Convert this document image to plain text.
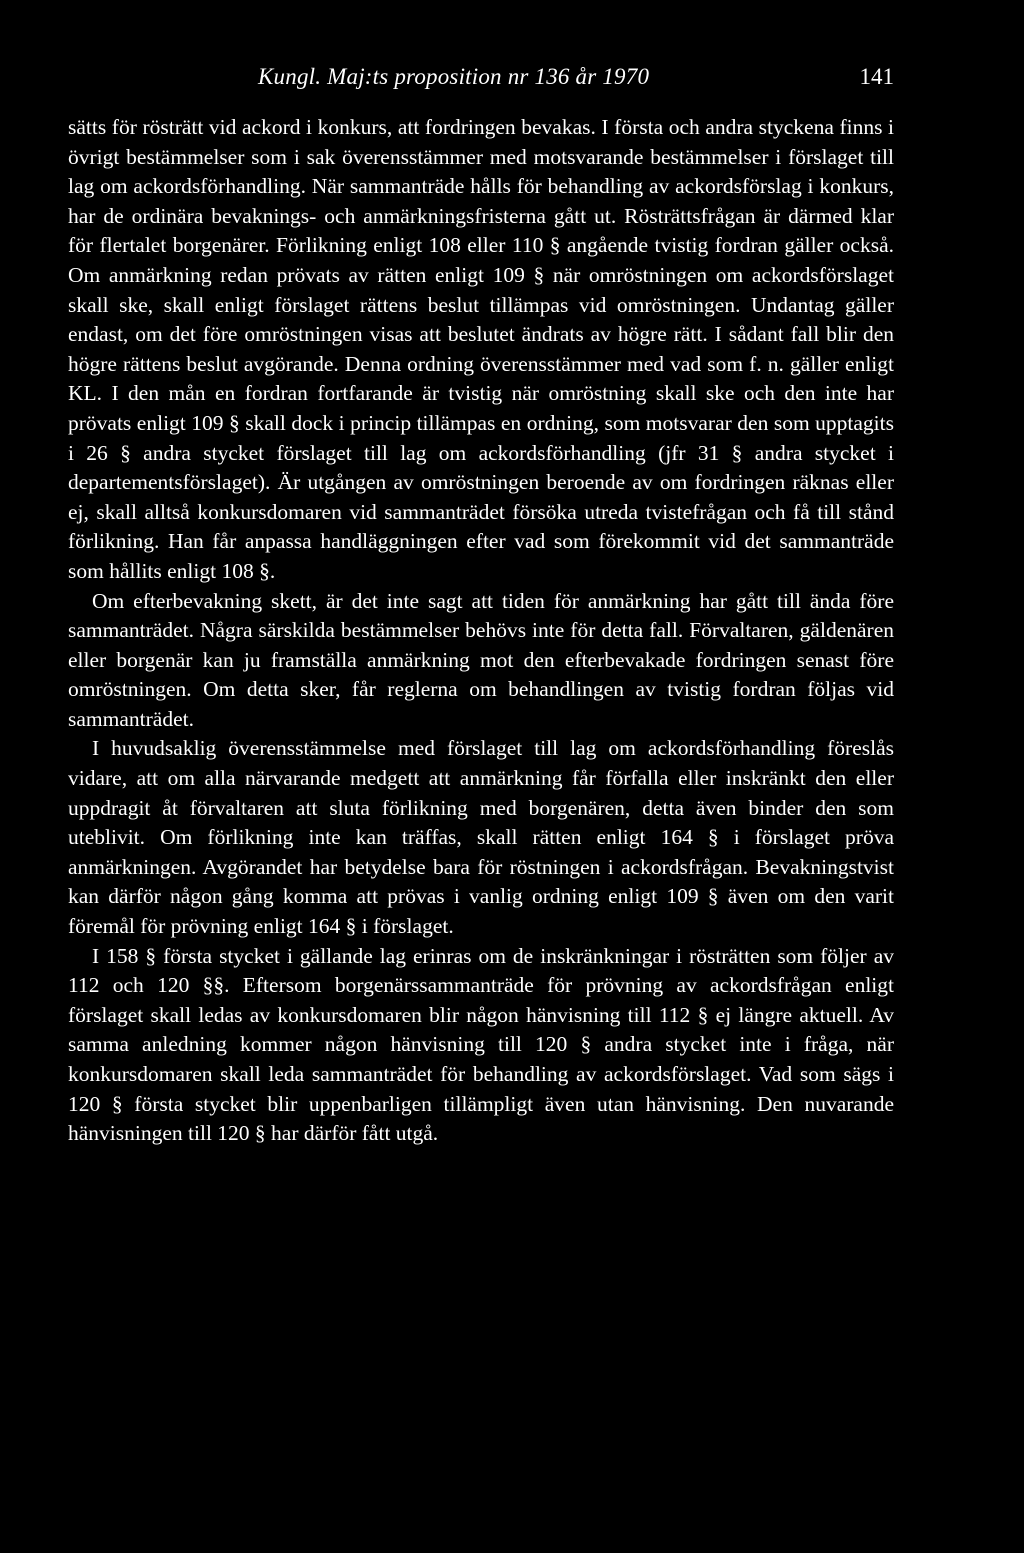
Kungl. Maj:ts proposition nr 136 år 1970	141

sätts för rösträtt vid ackord i konkurs, att fordringen bevakas. I första och andra styckena finns i övrigt bestämmelser som i sak överensstämmer med motsvarande bestämmelser i förslaget till lag om ackordsförhandling. När sammanträde hålls för behandling av ackordsförslag i konkurs, har de ordinära bevaknings- och anmärkningsfristerna gått ut. Rösträttsfrågan är därmed klar för flertalet borgenärer. Förlikning enligt 108 eller 110 § angående tvistig fordran gäller också. Om anmärkning redan prövats av rätten enligt 109 § när omröstningen om ackordsförslaget skall ske, skall enligt förslaget rättens beslut tillämpas vid omröstningen. Undantag gäller endast, om det före omröstningen visas att beslutet ändrats av högre rätt. I sådant fall blir den högre rättens beslut avgörande. Denna ordning överensstämmer med vad som f. n. gäller enligt KL. I den mån en fordran fortfarande är tvistig när omröstning skall ske och den inte har prövats enligt 109 § skall dock i princip tillämpas en ordning, som motsvarar den som upptagits i 26 § andra stycket förslaget till lag om ackordsförhandling (jfr 31 § andra stycket i departementsförslaget). Är utgången av omröstningen beroende av om fordringen räknas eller ej, skall alltså konkursdomaren vid sammanträdet försöka utreda tvistefrågan och få till stånd förlikning. Han får anpassa handläggningen efter vad som förekommit vid det sammanträde som hållits enligt 108 §.

Om efterbevakning skett, är det inte sagt att tiden för anmärkning har gått till ända före sammanträdet. Några särskilda bestämmelser behövs inte för detta fall. Förvaltaren, gäldenären eller borgenär kan ju framställa anmärkning mot den efterbevakade fordringen senast före omröstningen. Om detta sker, får reglerna om behandlingen av tvistig fordran följas vid sammanträdet.

I huvudsaklig överensstämmelse med förslaget till lag om ackordsförhandling föreslås vidare, att om alla närvarande medgett att anmärkning får förfalla eller inskränkt den eller uppdragit åt förvaltaren att sluta förlikning med borgenären, detta även binder den som uteblivit. Om förlikning inte kan träffas, skall rätten enligt 164 § i förslaget pröva anmärkningen. Avgörandet har betydelse bara för röstningen i ackordsfrågan. Bevakningstvist kan därför någon gång komma att prövas i vanlig ordning enligt 109 § även om den varit föremål för prövning enligt 164 § i förslaget.

I 158 § första stycket i gällande lag erinras om de inskränkningar i rösträtten som följer av 112 och 120 §§. Eftersom borgenärssammanträde för prövning av ackordsfrågan enligt förslaget skall ledas av konkursdomaren blir någon hänvisning till 112 § ej längre aktuell. Av samma anledning kommer någon hänvisning till 120 § andra stycket inte i fråga, när konkursdomaren skall leda sammanträdet för behandling av ackordsförslaget. Vad som sägs i 120 § första stycket blir uppenbarligen tillämpligt även utan hänvisning. Den nuvarande hänvisningen till 120 § har därför fått utgå.
